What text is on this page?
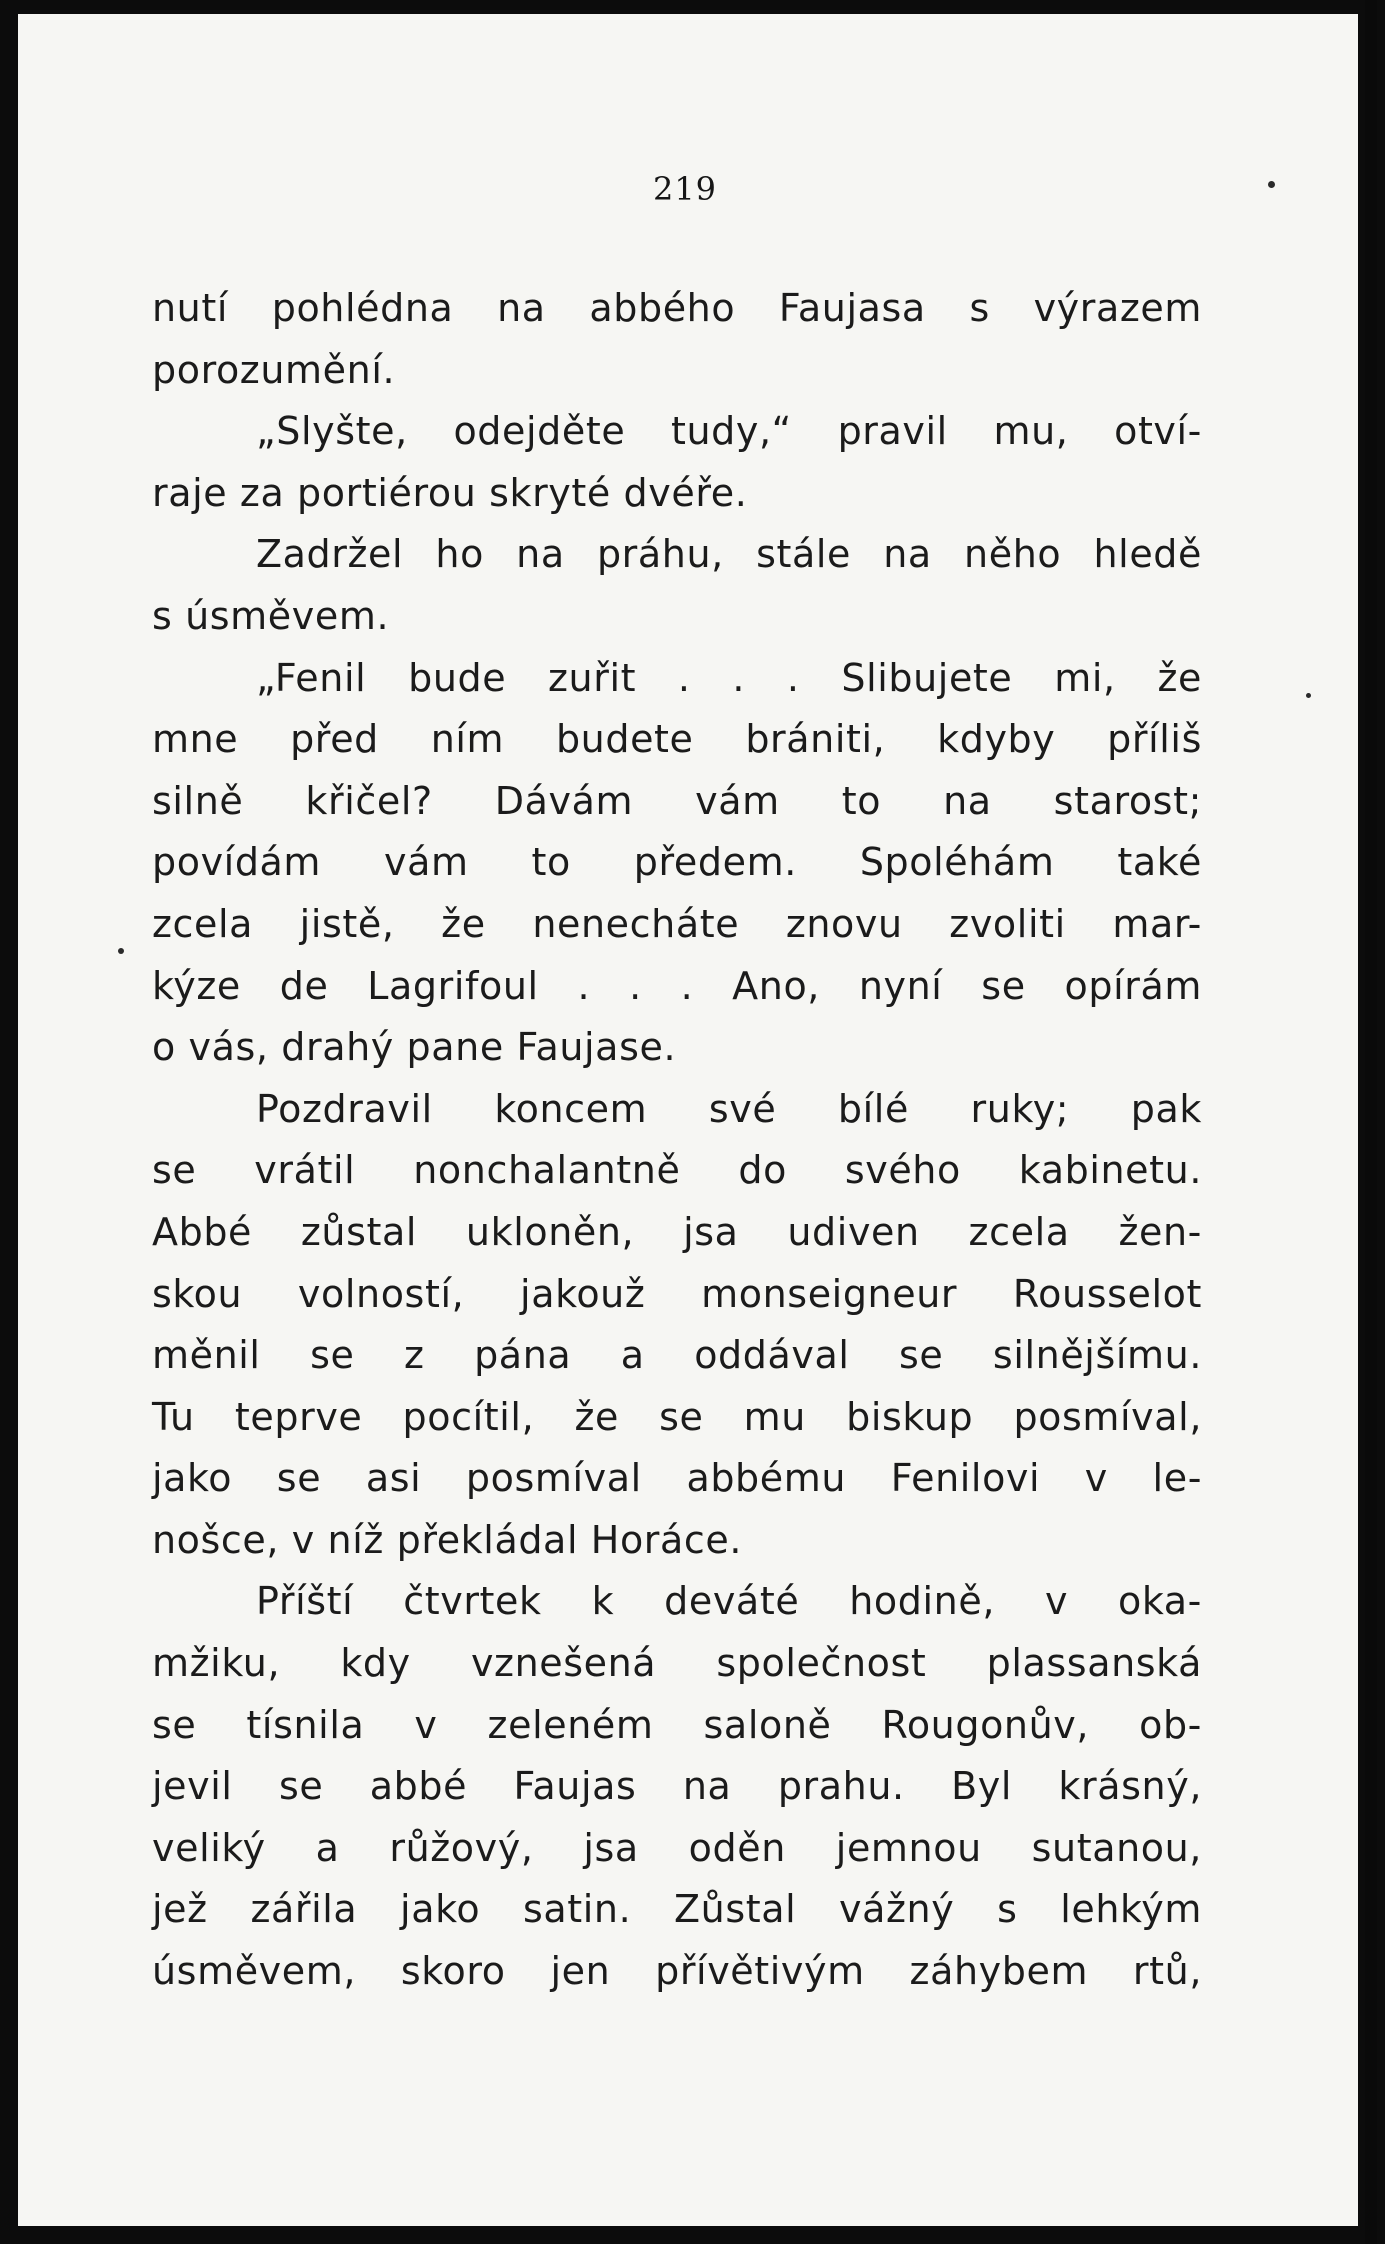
219
nutí pohlédna na abbého Faujasa s výrazem
porozumění.
„Slyšte, odejděte tudy,“ pravil mu, otví-
raje za portiérou skryté dvéře.
Zadržel ho na práhu, stále na něho hledě
s úsměvem.
„Fenil bude zuřit . . . Slibujete mi, že
mne před ním budete brániti, kdyby příliš
silně křičel? Dávám vám to na starost;
povídám vám to předem. Spoléhám také
zcela jistě, že nenecháte znovu zvoliti mar-
kýze de Lagrifoul . . . Ano, nyní se opírám
o vás, drahý pane Faujase.
Pozdravil koncem své bílé ruky; pak
se vrátil nonchalantně do svého kabinetu.
Abbé zůstal ukloněn, jsa udiven zcela žen-
skou volností, jakouž monseigneur Rousselot
měnil se z pána a oddával se silnějšímu.
Tu teprve pocítil, že se mu biskup posmíval,
jako se asi posmíval abbému Fenilovi v le-
nošce, v níž překládal Horáce.
Příští čtvrtek k deváté hodině, v oka-
mžiku, kdy vznešená společnost plassanská
se tísnila v zeleném saloně Rougonův, ob-
jevil se abbé Faujas na prahu. Byl krásný,
veliký a růžový, jsa oděn jemnou sutanou,
jež zářila jako satin. Zůstal vážný s lehkým
úsměvem, skoro jen přívětivým záhybem rtů,
